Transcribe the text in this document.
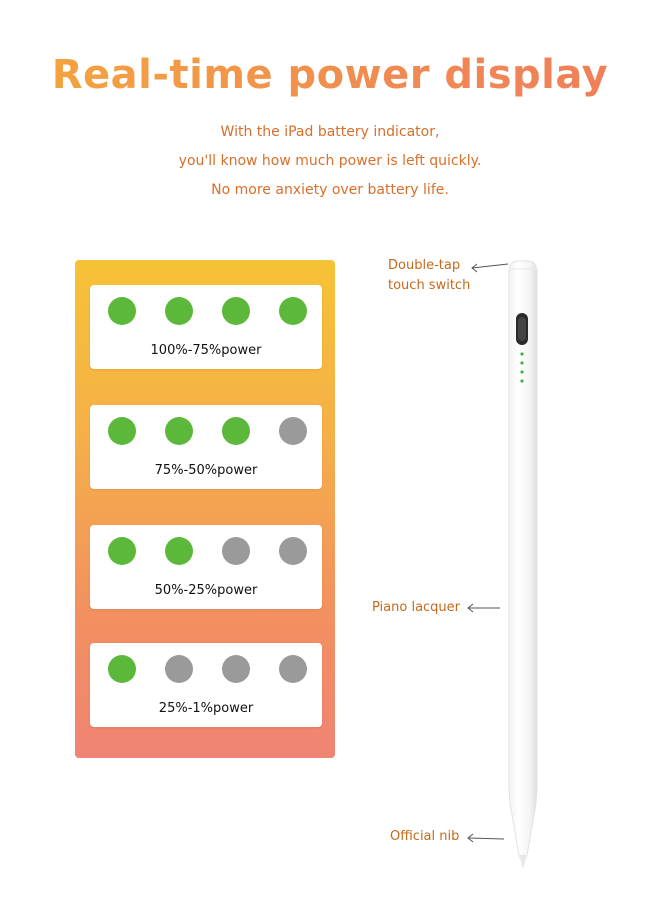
Real-time power display
With the iPad battery indicator,
you'll know how much power is left quickly.
No more anxiety over battery life.
100%-75%power
75%-50%power
50%-25%power
25%-1%power
Double-tap
touch switch
Piano lacquer
Official nib
